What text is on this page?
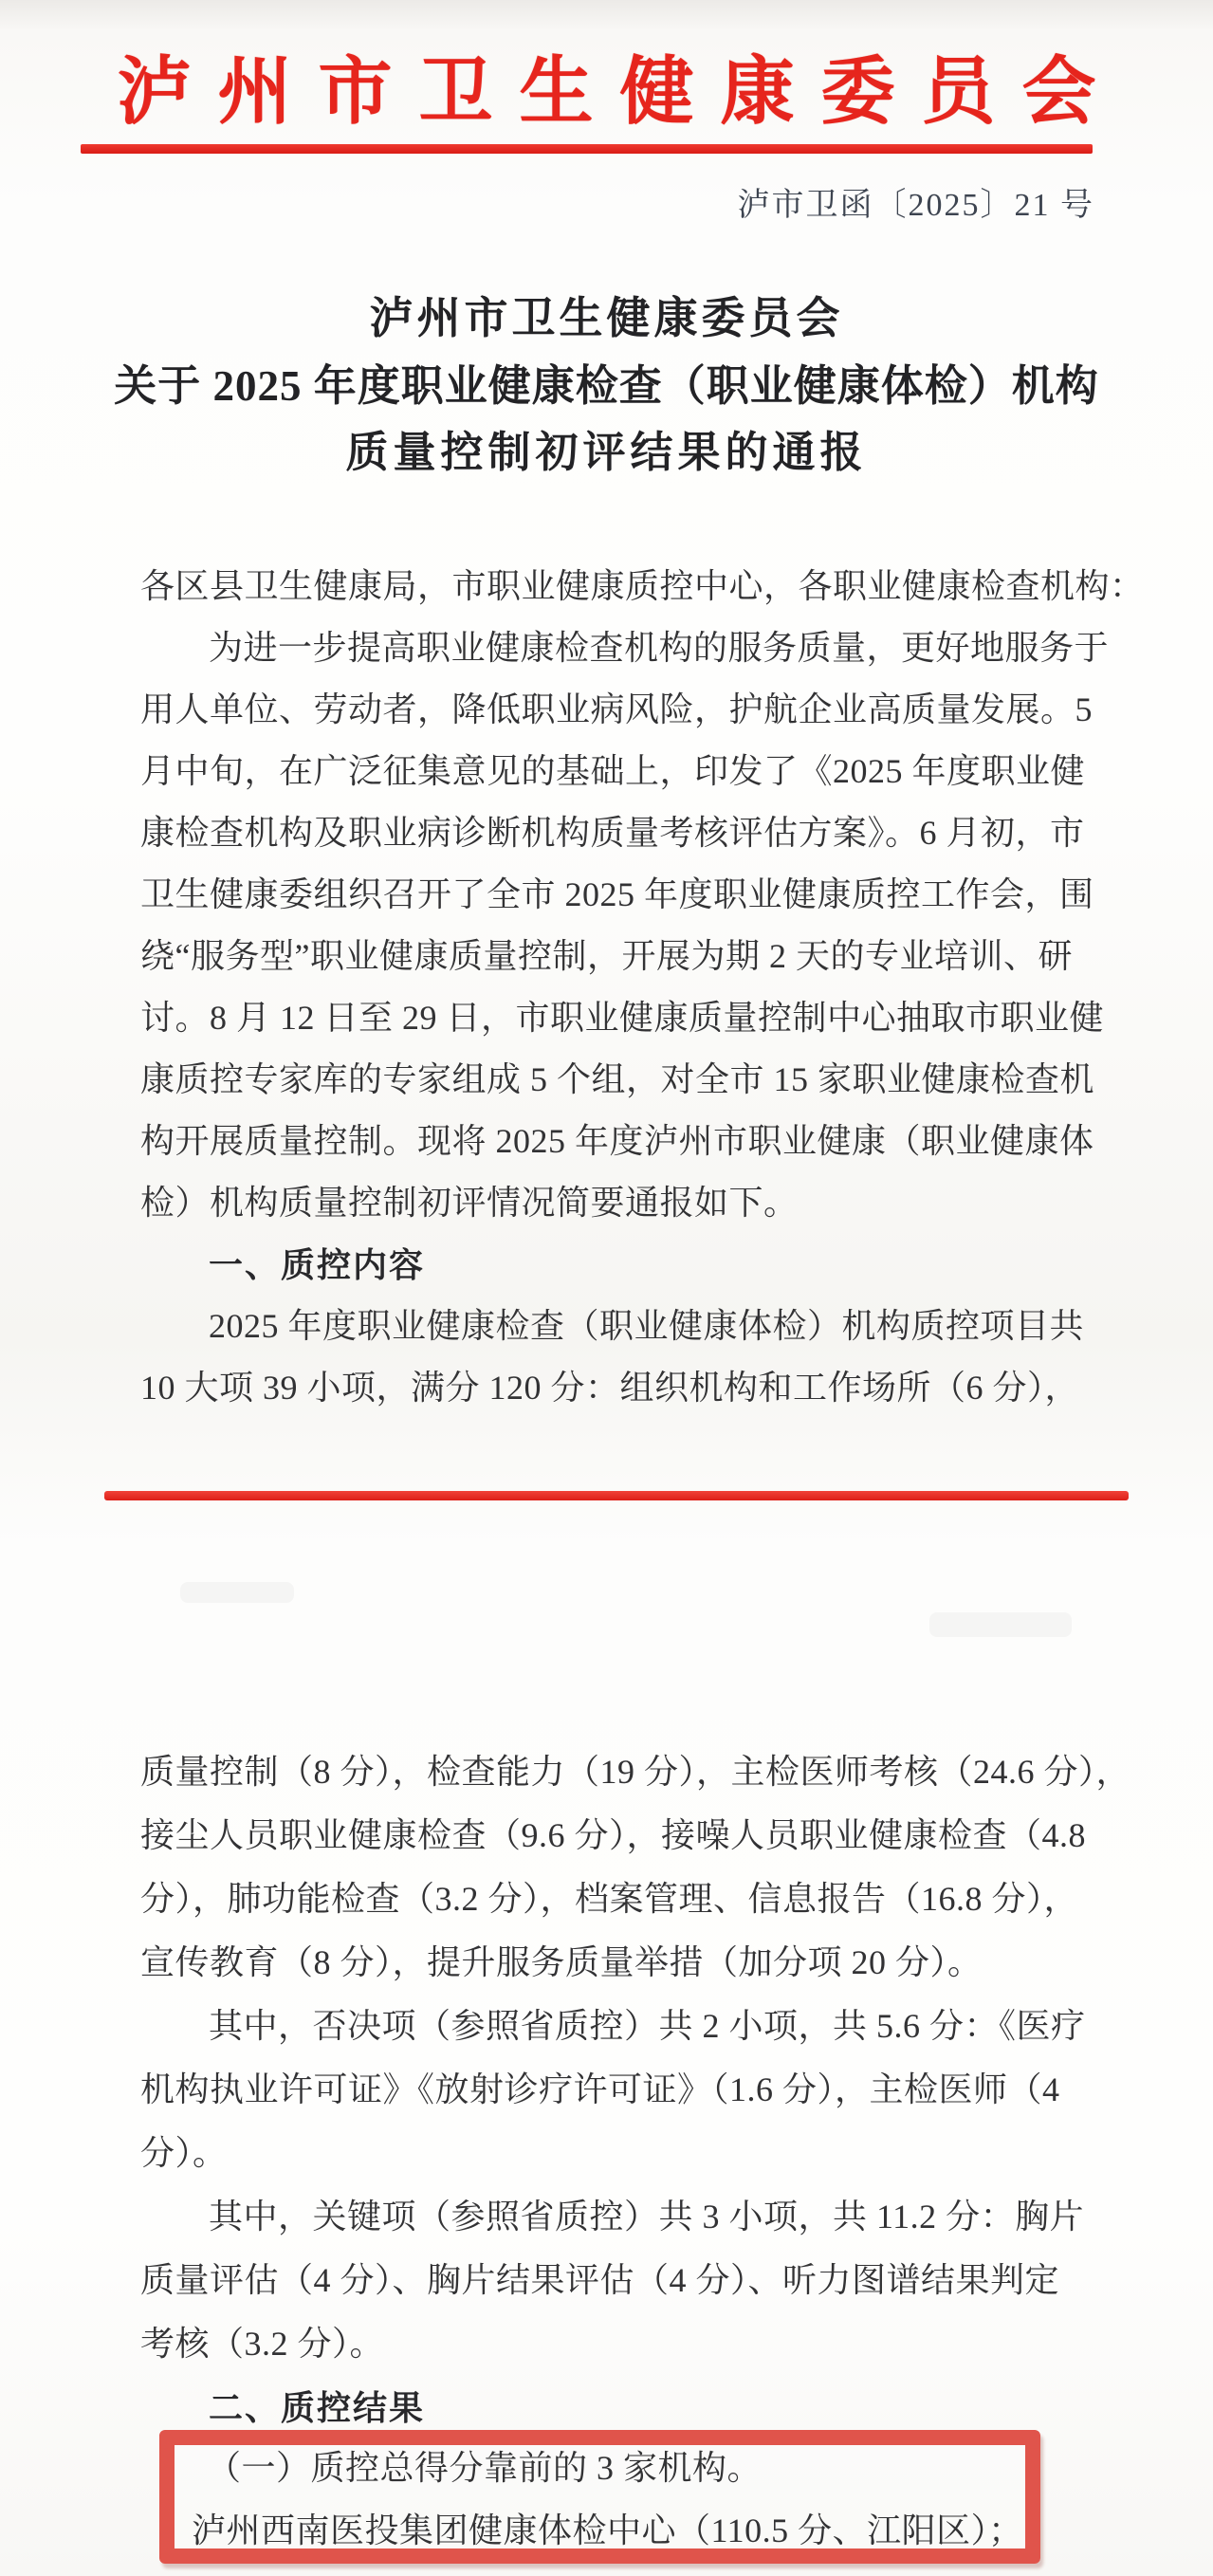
泸州市卫生健康委员会
泸市卫函〔2025〕21 号
泸州市卫生健康委员会
关于 2025 年度职业健康检查（职业健康体检）机构
质量控制初评结果的通报

各区县卫生健康局，市职业健康质控中心，各职业健康检查机构：

为进一步提高职业健康检查机构的服务质量，更好地服务于

用人单位、劳动者，降低职业病风险，护航企业高质量发展。5

月中旬，在广泛征集意见的基础上，印发了《2025 年度职业健

康检查机构及职业病诊断机构质量考核评估方案》。6 月初，市

卫生健康委组织召开了全市 2025 年度职业健康质控工作会，围

绕“服务型”职业健康质量控制，开展为期 2 天的专业培训、研

讨。8 月 12 日至 29 日，市职业健康质量控制中心抽取市职业健

康质控专家库的专家组成 5 个组，对全市 15 家职业健康检查机

构开展质量控制。现将 2025 年度泸州市职业健康（职业健康体

检）机构质量控制初评情况简要通报如下。

一、质控内容

2025 年度职业健康检查（职业健康体检）机构质控项目共

10 大项 39 小项，满分 120 分：组织机构和工作场所（6 分），

质量控制（8 分），检查能力（19 分），主检医师考核（24.6 分），

接尘人员职业健康检查（9.6 分），接噪人员职业健康检查（4.8

分），肺功能检查（3.2 分），档案管理、信息报告（16.8 分），

宣传教育（8 分），提升服务质量举措（加分项 20 分）。

其中，否决项（参照省质控）共 2 小项，共 5.6 分：《医疗

机构执业许可证》《放射诊疗许可证》（1.6 分），主检医师（4

分）。

其中，关键项（参照省质控）共 3 小项，共 11.2 分：胸片

质量评估（4 分）、胸片结果评估（4 分）、听力图谱结果判定

考核（3.2 分）。

二、质控结果

（一）质控总得分靠前的 3 家机构。

泸州西南医投集团健康体检中心（110.5 分、江阳区）；
